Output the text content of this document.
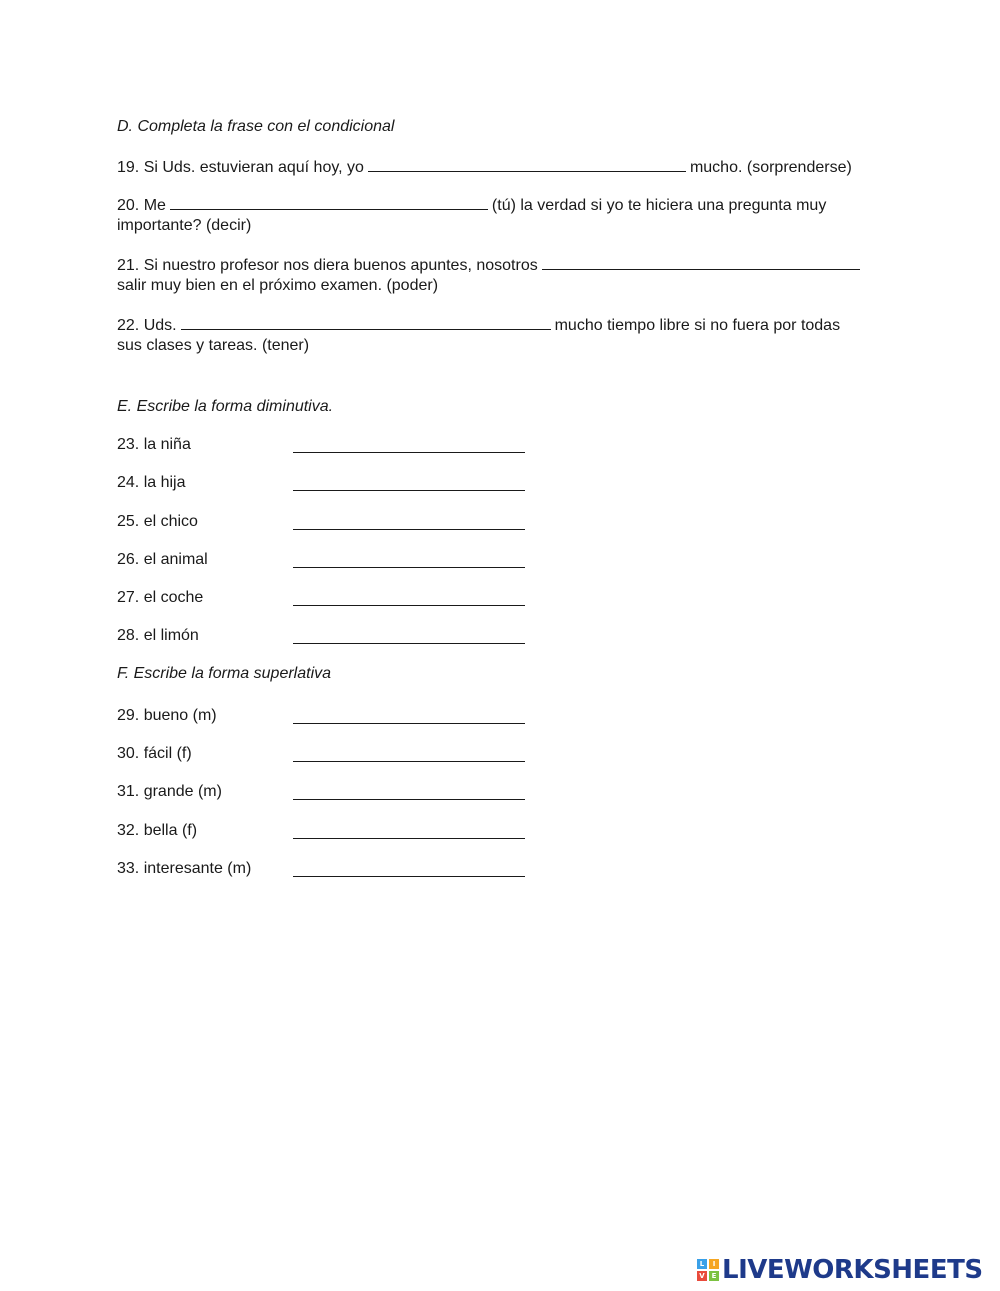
D. Completa la frase con el condicional
19. Si Uds. estuvieran aquí hoy, yo	mucho. (sorprenderse)
20. Me	(tú) la verdad si yo te hiciera una pregunta muy
importante? (decir)
21. Si nuestro profesor nos diera buenos apuntes, nosotros
salir muy bien en el próximo examen. (poder)
22. Uds.	mucho tiempo libre si no fuera por todas
sus clases y tareas. (tener)
E. Escribe la forma diminutiva.
23. la niña
24. la hija
25. el chico
26. el animal
27. el coche
28. el limón
F. Escribe la forma superlativa
29. bueno (m)
30. fácil (f)
31. grande (m)
32. bella (f)
33. interesante (m)
L	I
V E LIVEWORKSHEETS
